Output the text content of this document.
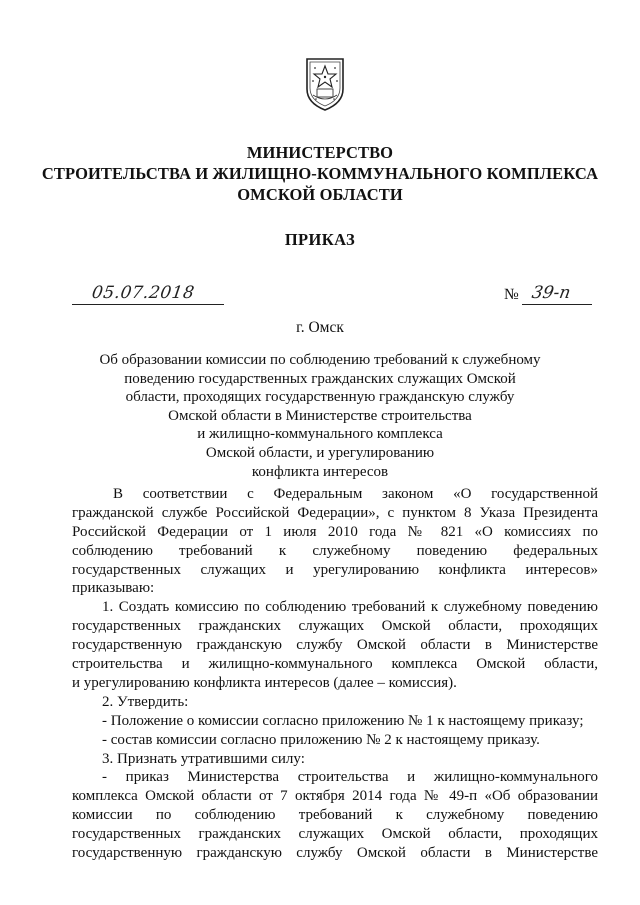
МИНИСТЕРСТВО
СТРОИТЕЛЬСТВА И ЖИЛИЩНО-КОММУНАЛЬНОГО КОМПЛЕКСА
ОМСКОЙ ОБЛАСТИ
ПРИКАЗ
05.07.2018	№ 39-п
г. Омск
Об образовании комиссии по соблюдению требований к служебному
поведению государственных гражданских служащих Омской
области, проходящих государственную гражданскую службу
Омской области в Министерстве строительства
и жилищно-коммунального комплекса
Омской области, и урегулированию
конфликта интересов
В соответствии с Федеральным законом «О государственной
гражданской службе Российской Федерации», с пунктом 8 Указа Президента
Российской Федерации от 1 июля 2010 года № 821 «О комиссиях по
соблюдению требований к служебному поведению федеральных
государственных служащих и урегулированию конфликта интересов»
приказываю:
1. Создать комиссию по соблюдению требований к служебному поведению
государственных гражданских служащих Омской области, проходящих
государственную гражданскую службу Омской области в Министерстве
строительства и жилищно-коммунального комплекса Омской области,
и урегулированию конфликта интересов (далее – комиссия).
2. Утвердить:
- Положение о комиссии согласно приложению № 1 к настоящему приказу;
- состав комиссии согласно приложению № 2 к настоящему приказу.
3. Признать утратившими силу:
- приказ Министерства строительства и жилищно-коммунального
комплекса Омской области от 7 октября 2014 года № 49-п «Об образовании
комиссии по соблюдению требований к служебному поведению
государственных гражданских служащих Омской области, проходящих
государственную гражданскую службу Омской области в Министерстве
